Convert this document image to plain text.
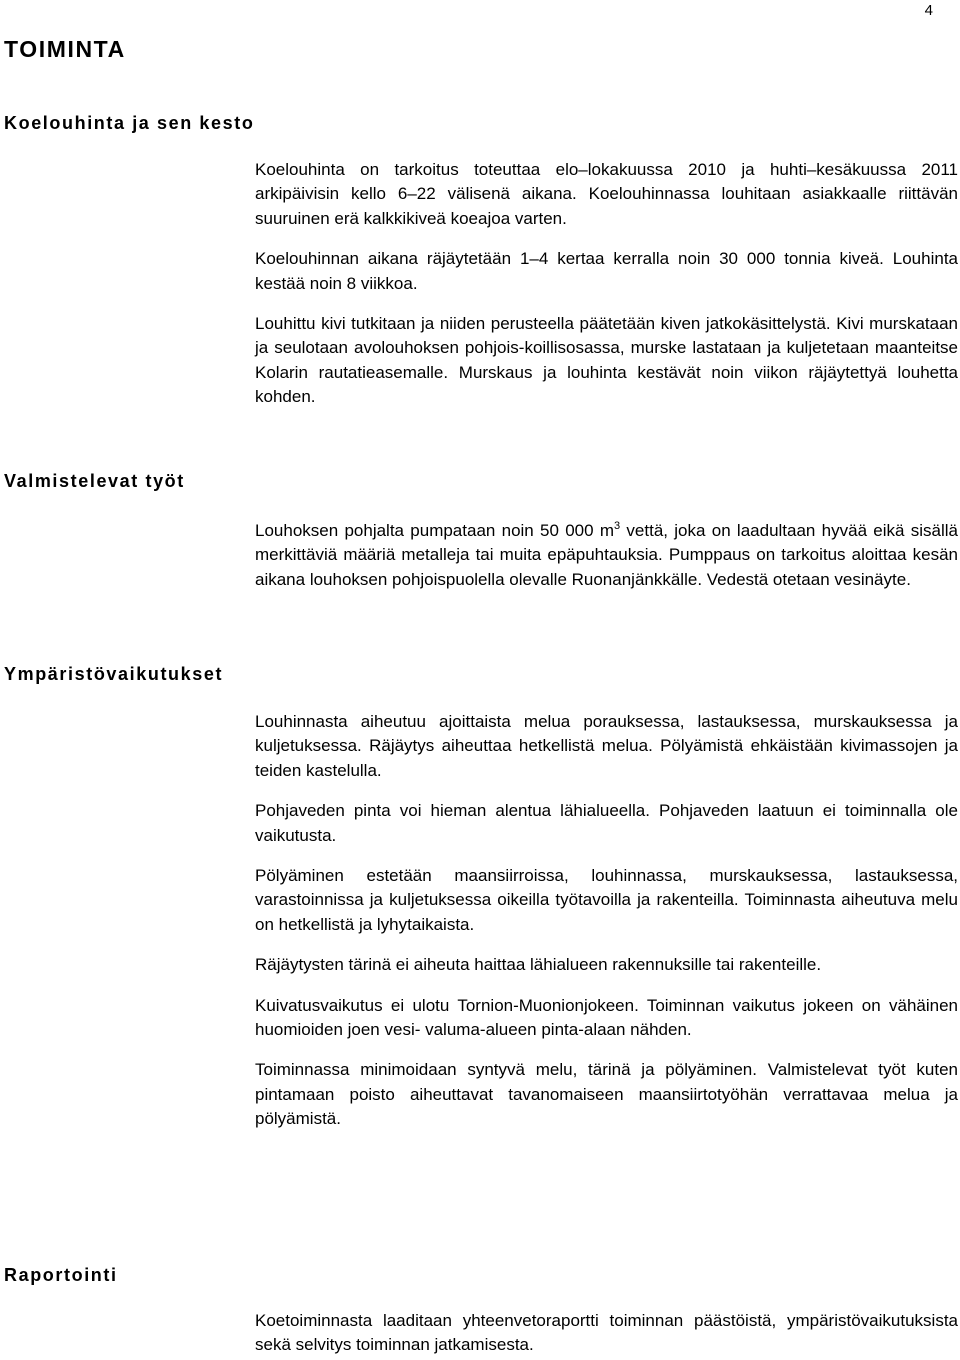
4
TOIMINTA
Koelouhinta ja sen kesto

Koelouhinta on tarkoitus toteuttaa elo–lokakuussa 2010 ja huhti–kesäkuussa 2011 arkipäivisin kello 6–22 välisenä aikana. Koelouhinnassa louhitaan asiakkaalle riittävän suuruinen erä kalkkikiveä koeajoa varten.

Koelouhinnan aikana räjäytetään 1–4 kertaa kerralla noin 30 000 tonnia kiveä. Louhinta kestää noin 8 viikkoa.

Louhittu kivi tutkitaan ja niiden perusteella päätetään kiven jatkokäsittelystä. Kivi murskataan ja seulotaan avolouhoksen pohjois-koillisosassa, murske lastataan ja kuljetetaan maanteitse Kolarin rautatieasemalle. Murskaus ja louhinta kestävät noin viikon räjäytettyä louhetta kohden.

Valmistelevat työt

Louhoksen pohjalta pumpataan noin 50 000 $m^3$ vettä, joka on laadultaan hyvää eikä sisällä merkittäviä määriä metalleja tai muita epäpuhtauksia. Pumppaus on tarkoitus aloittaa kesän aikana louhoksen pohjoispuolella olevalle Ruonanjänkkälle. Vedestä otetaan vesinäyte.

Ympäristövaikutukset

Louhinnasta aiheutuu ajoittaista melua porauksessa, lastauksessa, murskauksessa ja kuljetuksessa. Räjäytys aiheuttaa hetkellistä melua. Pölyämistä ehkäistään kivimassojen ja teiden kastelulla.

Pohjaveden pinta voi hieman alentua lähialueella. Pohjaveden laatuun ei toiminnalla ole vaikutusta.

Pölyäminen estetään maansiirroissa, louhinnassa, murskauksessa, lastauksessa, varastoinnissa ja kuljetuksessa oikeilla työtavoilla ja rakenteilla. Toiminnasta aiheutuva melu on hetkellistä ja lyhytaikaista.

Räjäytysten tärinä ei aiheuta haittaa lähialueen rakennuksille tai rakenteille.

Kuivatusvaikutus ei ulotu Tornion-Muonionjokeen. Toiminnan vaikutus jokeen on vähäinen huomioiden joen vesi- valuma-alueen pinta-alaan nähden.

Toiminnassa minimoidaan syntyvä melu, tärinä ja pölyäminen. Valmistelevat työt kuten pintamaan poisto aiheuttavat tavanomaiseen maansiirtotyöhän verrattavaa melua ja pölyämistä.

Raportointi

Koetoiminnasta laaditaan yhteenvetoraportti toiminnan päästöistä, ympäristövaikutuksista sekä selvitys toiminnan jatkamisesta.
